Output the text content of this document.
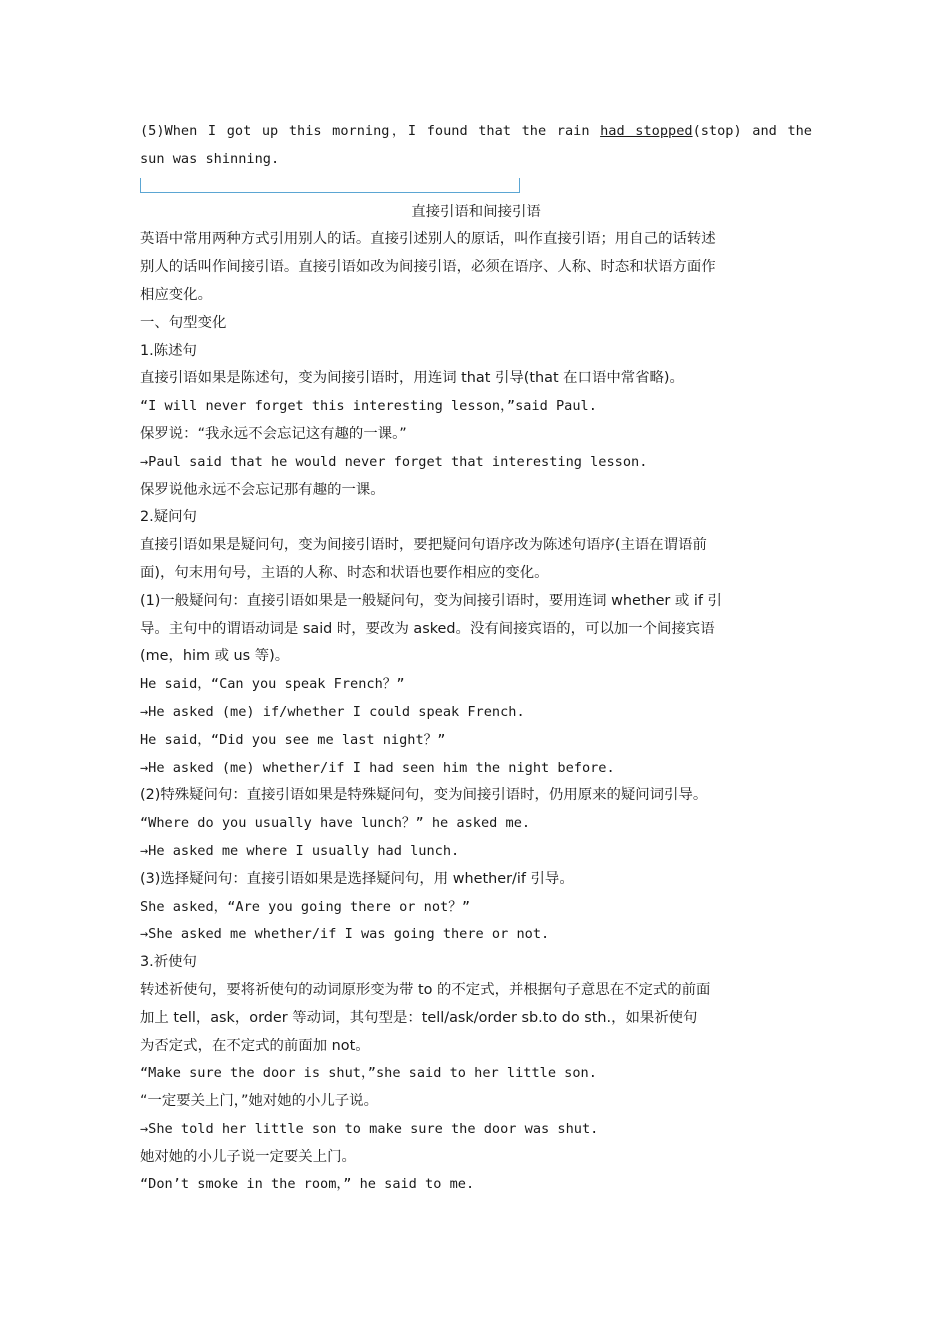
(5)When I got up this morning，I found that the rain had stopped(stop) and the
sun was shinning.
直接引语和间接引语
英语中常用两种方式引用别人的话。直接引述别人的原话，叫作直接引语；用自己的话转述
别人的话叫作间接引语。直接引语如改为间接引语，必须在语序、人称、时态和状语方面作
相应变化。
一、句型变化
1.陈述句
直接引语如果是陈述句，变为间接引语时，用连词 that 引导(that 在口语中常省略)。
“I will never forget this interesting lesson，”said Paul.
保罗说：“我永远不会忘记这有趣的一课。”
→Paul said that he would never forget that interesting lesson.
保罗说他永远不会忘记那有趣的一课。
2.疑问句
直接引语如果是疑问句，变为间接引语时，要把疑问句语序改为陈述句语序(主语在谓语前
面)，句末用句号，主语的人称、时态和状语也要作相应的变化。
(1)一般疑问句：直接引语如果是一般疑问句，变为间接引语时，要用连词 whether 或 if 引
导。主句中的谓语动词是 said 时，要改为 asked。没有间接宾语的，可以加一个间接宾语
(me，him 或 us 等)。
He said，“Can you speak French？”
→He asked (me) if/whether I could speak French.
He said，“Did you see me last night？”
→He asked (me) whether/if I had seen him the night before.
(2)特殊疑问句：直接引语如果是特殊疑问句，变为间接引语时，仍用原来的疑问词引导。
“Where do you usually have lunch？” he asked me.
→He asked me where I usually had lunch.
(3)选择疑问句：直接引语如果是选择疑问句，用 whether/if 引导。
She asked，“Are you going there or not？”
→She asked me whether/if I was going there or not.
3.祈使句
转述祈使句，要将祈使句的动词原形变为带 to 的不定式，并根据句子意思在不定式的前面
加上 tell，ask，order 等动词，其句型是：tell/ask/order sb.to do sth.，如果祈使句
为否定式，在不定式的前面加 not。
“Make sure the door is shut，”she said to her little son.
“一定要关上门，”她对她的小儿子说。
→She told her little son to make sure the door was shut.
她对她的小儿子说一定要关上门。
“Don’t smoke in the room，” he said to me.
